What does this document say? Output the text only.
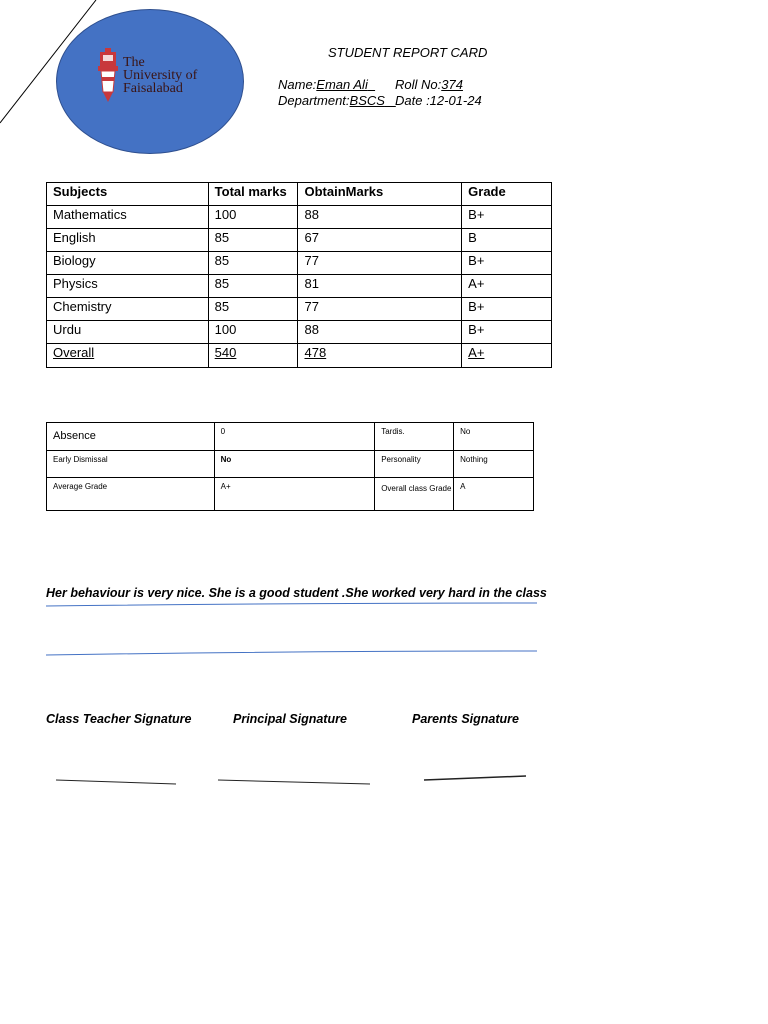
The
University of
Faisalabad
STUDENT REPORT CARD
Name:Eman Ali	Roll No:374
Department:BSCS Date :12-01-24
Subjects	Total marks	ObtainMarks	Grade
Mathematics	100	88	B+
English	85	67	B
Biology	85	77	B+
Physics	85	81	A+
Chemistry	85	77	B+
Urdu	100	88	B+
Overall	540	478	A+
Absence	0	Tardis.	No
Early Dismissal	No	Personality	Nothing
Average Grade	A+	Overall class Grade	A
Her behaviour is very nice. She is a good student .She worked very hard in the class
Class Teacher Signature	Principal Signature	Parents Signature
